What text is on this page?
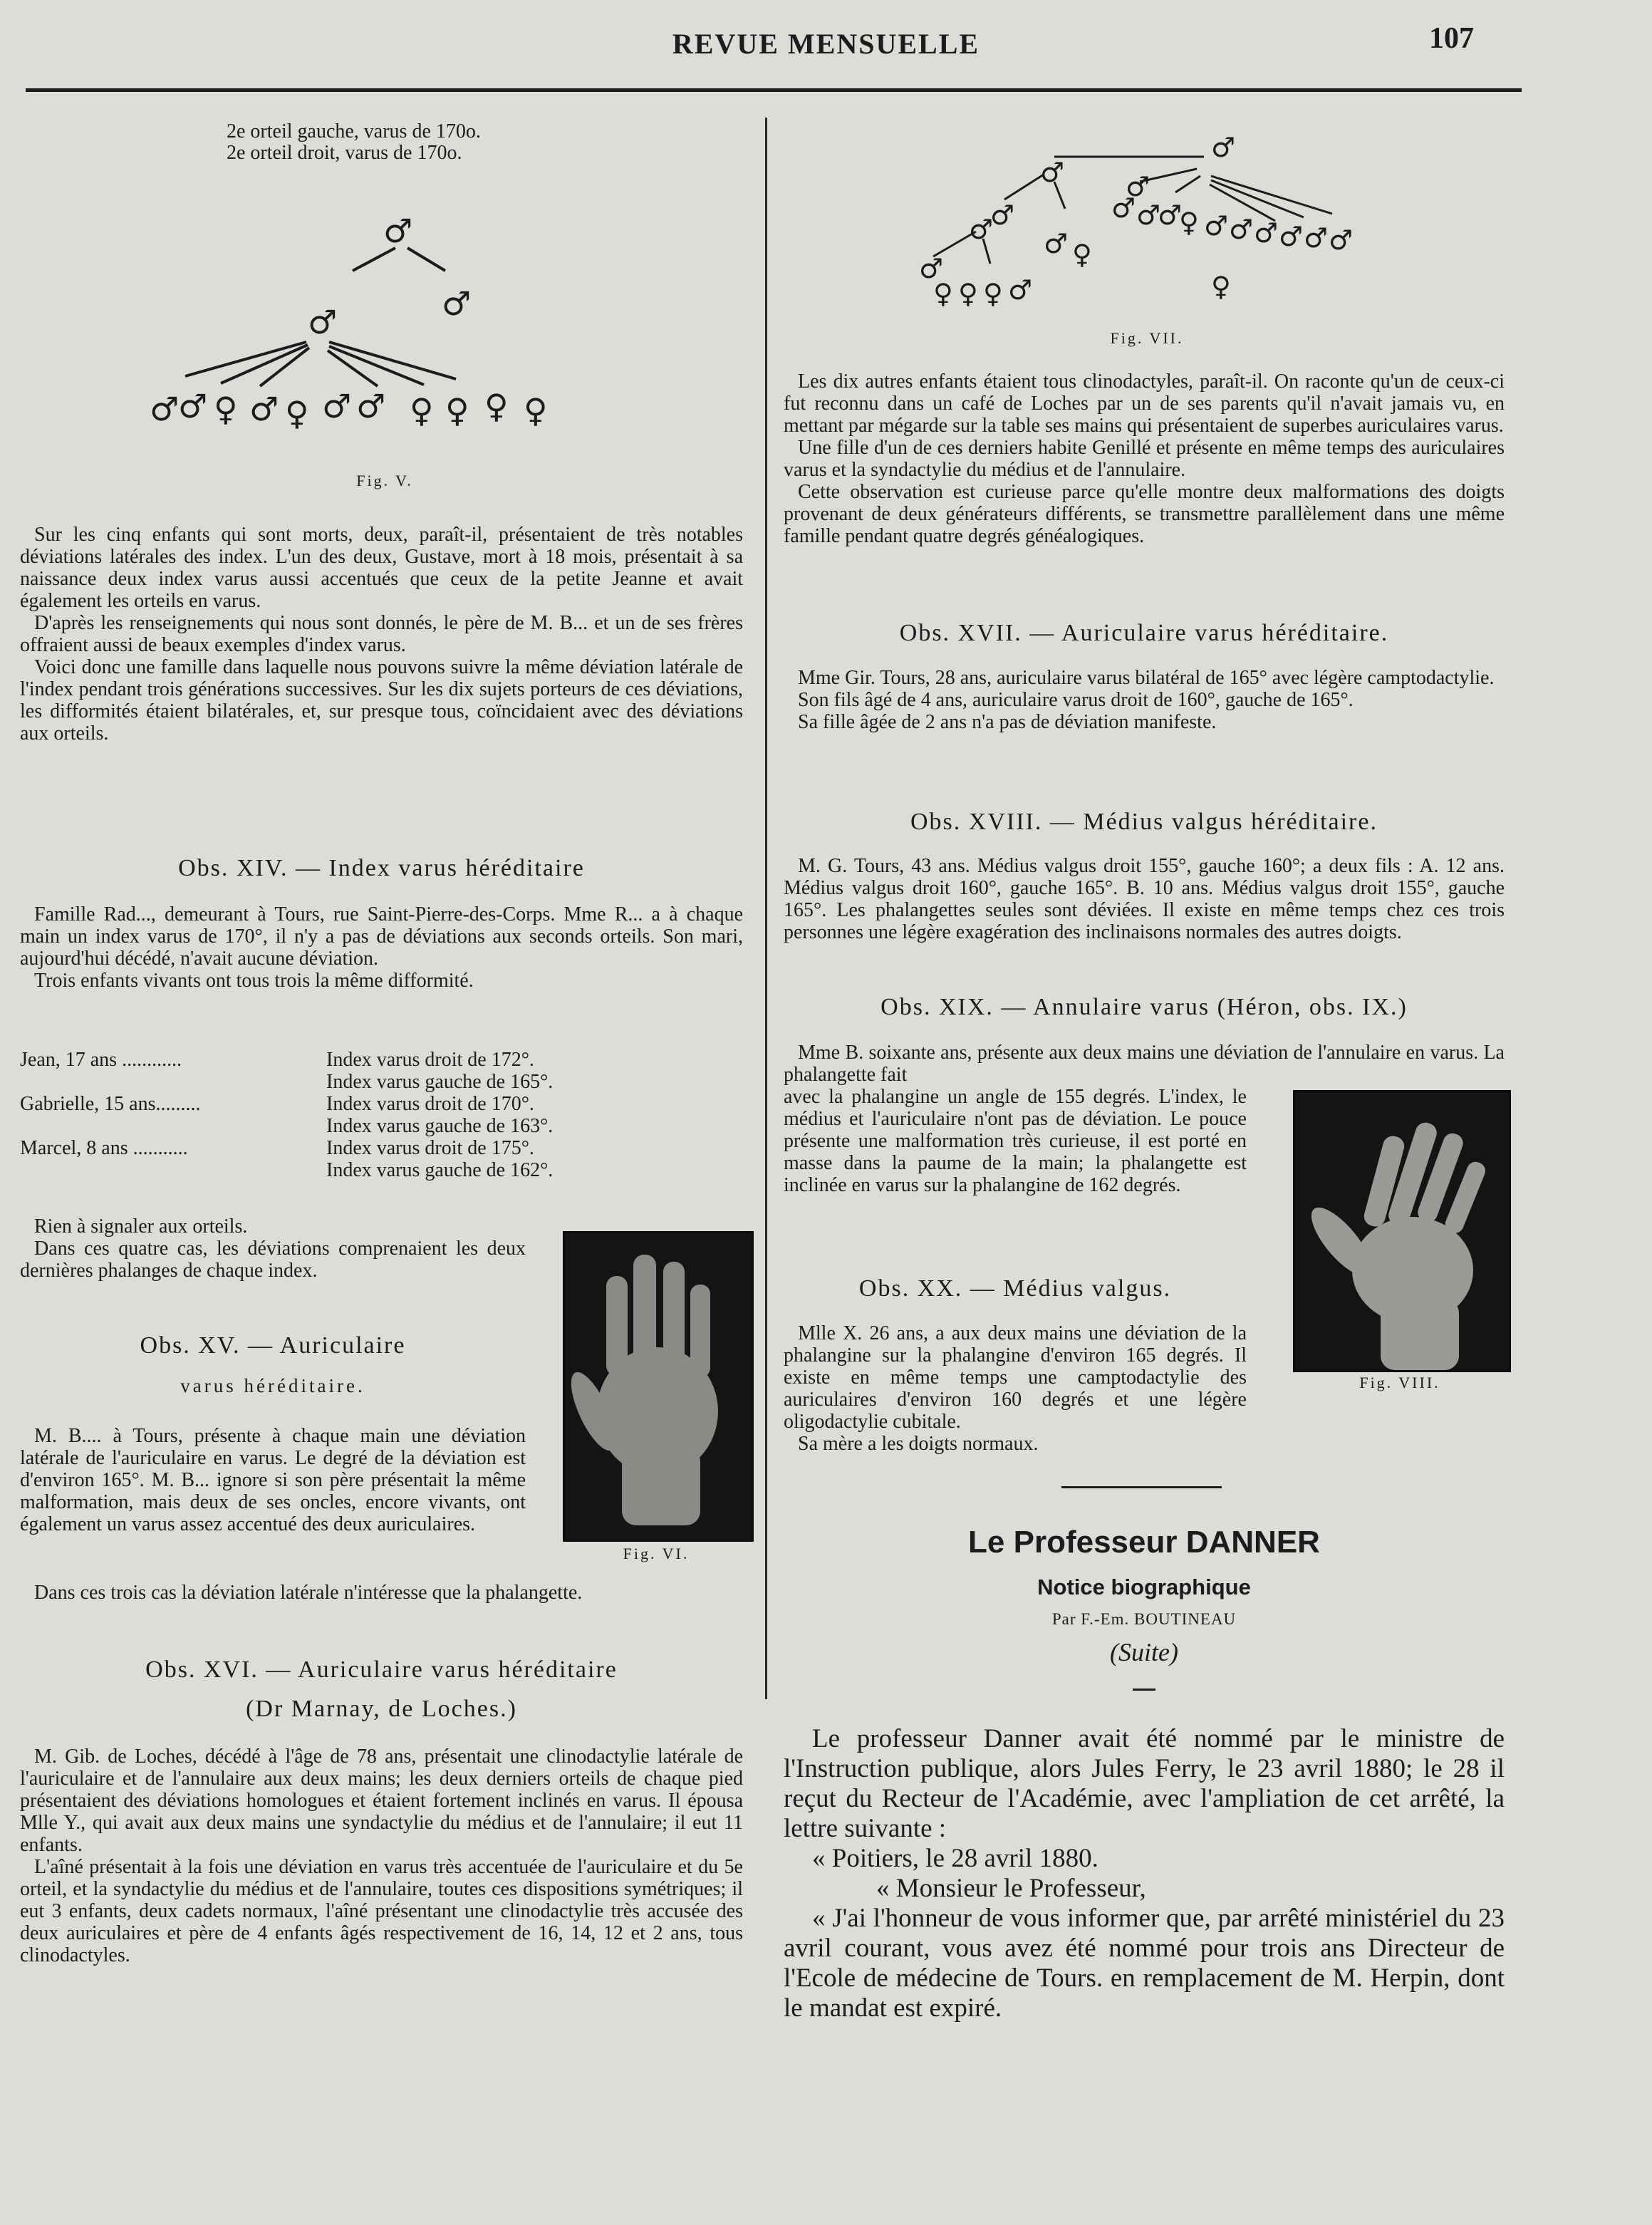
REVUE MENSUELLE	107
2e orteil gauche, varus de 170o.
2e orteil droit, varus de 170o.
♂
♂
♂
♂
♂ ♀ ♂ ♀ ♂ ♂ ♀ ♀ ♀ ♀
Fig. V.

Sur les cinq enfants qui sont morts, deux, paraît-il, présentaient de très notables déviations latérales des index. L'un des deux, Gustave, mort à 18 mois, présentait à sa naissance deux index varus aussi accentués que ceux de la petite Jeanne et avait également les orteils en varus.

D'après les renseignements qui nous sont donnés, le père de M. B... et un de ses frères offraient aussi de beaux exemples d'index varus.

Voici donc une famille dans laquelle nous pouvons suivre la même déviation latérale de l'index pendant trois générations successives. Sur les dix sujets porteurs de ces déviations, les difformités étaient bilatérales, et, sur presque tous, coïncidaient avec des déviations aux orteils.

Obs. XIV. — Index varus héréditaire

Famille Rad..., demeurant à Tours, rue Saint-Pierre-des-Corps. Mme R... a à chaque main un index varus de 170°, il n'y a pas de déviations aux seconds orteils. Son mari, aujourd'hui décédé, n'avait aucune déviation.

Trois enfants vivants ont tous trois la même difformité.

Jean, 17 ans ............	Index varus droit de 172°.
	Index varus gauche de 165°.
Gabrielle, 15 ans.........	Index varus droit de 170°.
	Index varus gauche de 163°.
Marcel, 8 ans ...........	Index varus droit de 175°.
	Index varus gauche de 162°.

Rien à signaler aux orteils.

Dans ces quatre cas, les déviations comprenaient les deux dernières phalanges de chaque index.

Obs. XV. — Auriculaire
varus héréditaire.

M. B.... à Tours, présente à chaque main une déviation latérale de l'auriculaire en varus. Le degré de la déviation est d'environ 165°. M. B... ignore si son père présentait la même malformation, mais deux de ses oncles, encore vivants, ont également un varus assez accentué des deux auriculaires.

Dans ces trois cas la déviation latérale n'intéresse que la phalangette.

Fig. VI.
Obs. XVI. — Auriculaire varus héréditaire
(Dr Marnay, de Loches.)

M. Gib. de Loches, décédé à l'âge de 78 ans, présentait une clinodactylie latérale de l'auriculaire et de l'annulaire aux deux mains; les deux derniers orteils de chaque pied présentaient des déviations homologues et étaient fortement inclinés en varus. Il épousa Mlle Y., qui avait aux deux mains une syndactylie du médius et de l'annulaire; il eut 11 enfants.

L'aîné présentait à la fois une déviation en varus très accentuée de l'auriculaire et du 5e orteil, et la syndactylie du médius et de l'annulaire, toutes ces dispositions symétriques; il eut 3 enfants, deux cadets normaux, l'aîné présentant une clinodactylie très accusée des deux auriculaires et père de 4 enfants âgés respectivement de 16, 14, 12 et 2 ans, tous clinodactyles.

♂
♂ ♂
♂
♂ ♂ ♀
♂ ♂
♂
♀ ♂ ♂ ♂ ♂ ♂ ♂
♂
♀ ♀ ♀ ♂	♀
Fig. VII.

Les dix autres enfants étaient tous clinodactyles, paraît-il. On raconte qu'un de ceux-ci fut reconnu dans un café de Loches par un de ses parents qu'il n'avait jamais vu, en mettant par mégarde sur la table ses mains qui présentaient de superbes auriculaires varus.

Une fille d'un de ces derniers habite Genillé et présente en même temps des auriculaires varus et la syndactylie du médius et de l'annulaire.

Cette observation est curieuse parce qu'elle montre deux malformations des doigts provenant de deux générateurs différents, se transmettre parallèlement dans une même famille pendant quatre degrés généalogiques.

Obs. XVII. — Auriculaire varus héréditaire.

Mme Gir. Tours, 28 ans, auriculaire varus bilatéral de 165° avec légère camptodactylie.

Son fils âgé de 4 ans, auriculaire varus droit de 160°, gauche de 165°.

Sa fille âgée de 2 ans n'a pas de déviation manifeste.

Obs. XVIII. — Médius valgus héréditaire.

M. G. Tours, 43 ans. Médius valgus droit 155°, gauche 160°; a deux fils : A. 12 ans. Médius valgus droit 160°, gauche 165°. B. 10 ans. Médius valgus droit 155°, gauche 165°. Les phalangettes seules sont déviées. Il existe en même temps chez ces trois personnes une légère exagération des inclinaisons normales des autres doigts.

Obs. XIX. — Annulaire varus (Héron, obs. IX.)

Mme B. soixante ans, présente aux deux mains une déviation de l'annulaire en varus. La phalangette fait

avec la phalangine un angle de 155 degrés. L'index, le médius et l'auriculaire n'ont pas de déviation. Le pouce présente une malformation très curieuse, il est porté en masse dans la paume de la main; la phalangette est inclinée en varus sur la phalangine de 162 degrés.

Obs. XX. — Médius valgus.

Mlle X. 26 ans, a aux deux mains une déviation de la phalangine sur la phalangine d'environ 165 degrés. Il existe en même temps une camptodactylie des auriculaires d'environ 160 degrés et une légère oligodactylie cubitale.

Sa mère a les doigts normaux.

Fig. VIII.
Le Professeur DANNER
Notice biographique
Par F.-Em. BOUTINEAU
(Suite)

Le professeur Danner avait été nommé par le ministre de l'Instruction publique, alors Jules Ferry, le 23 avril 1880; le 28 il reçut du Recteur de l'Académie, avec l'ampliation de cet arrêté, la lettre suivante :

« Poitiers, le 28 avril 1880.

« Monsieur le Professeur,

« J'ai l'honneur de vous informer que, par arrêté ministériel du 23 avril courant, vous avez été nommé pour trois ans Directeur de l'Ecole de médecine de Tours. en remplacement de M. Herpin, dont le mandat est expiré.
